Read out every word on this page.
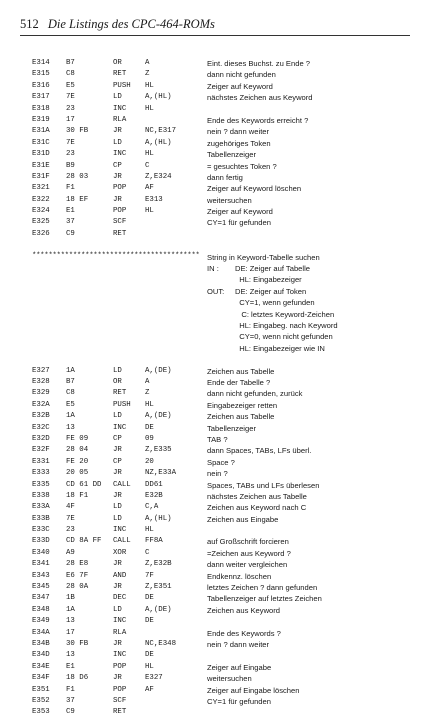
512 Die Listings des CPC-464-ROMs
E314 B7	OR	A	Eint. dieses Buchst. zu Ende ?
E315 C8	RET	Z	dann nicht gefunden
E316 E5	PUSH HL	Zeiger auf Keyword
E317 7E	LD	A,(HL)	nächstes Zeichen aus Keyword
E318 23	INC	HL
E319 17	RLA	Ende des Keywords erreicht ?
E31A 30 FB	JR	NC,E317	nein ? dann weiter
E31C 7E	LD	A,(HL)	zugehöriges Token
E31D 23	INC	HL	Tabellenzeiger
E31E B9	CP	C	= gesuchtes Token ?
E31F 28 03	JR	Z,E324	dann fertig
E321 F1	POP	AF	Zeiger auf Keyword löschen
E322 18 EF	JR	E313	weitersuchen
E324 E1	POP	HL	Zeiger auf Keyword
E325 37	SCF	CY=1 für gefunden
E326 C9	RET
***************************************** String in Keyword-Tabelle suchen
IN : DE: Zeiger auf Tabelle
HL: Eingabezeiger
OUT: DE: Zeiger auf Token
CY=1, wenn gefunden
C: letztes Keyword-Zeichen
HL: Eingabeg. nach Keyword
CY=0, wenn nicht gefunden
HL: Eingabezeiger wie IN
E327 1A	LD	A,(DE)	Zeichen aus Tabelle
E328 B7	OR	A	Ende der Tabelle ?
E329 C8	RET	Z	dann nicht gefunden, zurück
E32A E5	PUSH HL	Eingabezeiger retten
E32B 1A	LD	A,(DE)	Zeichen aus Tabelle
E32C 13	INC	DE	Tabellenzeiger
E32D FE 09	CP	09	TAB ?
E32F 28 04	JR	Z,E335	dann Spaces, TABs, LFs überl.
E331 FE 20	CP	20	Space ?
E333 20 05	JR	NZ,E33A	nein ?
E335 CD 61 DD CALL DD61	Spaces, TABs und LFs überlesen
E338 18 F1	JR	E32B	nächstes Zeichen aus Tabelle
E33A 4F	LD	C,A	Zeichen aus Keyword nach C
E33B 7E	LD	A,(HL)	Zeichen aus Eingabe
E33C 23	INC	HL
E33D CD 8A FF CALL FF8A	auf Großschrift forcieren
E340 A9	XOR	C	=Zeichen aus Keyword ?
E341 28 E8	JR	Z,E32B	dann weiter vergleichen
E343 E6 7F	AND	7F	Endkennz. löschen
E345 28 0A	JR	Z,E351	letztes Zeichen ? dann gefunden
E347 1B	DEC	DE	Tabellenzeiger auf letztes Zeichen
E348 1A	LD	A,(DE)	Zeichen aus Keyword
E349 13	INC	DE
E34A 17	RLA	Ende des Keywords ?
E34B 30 FB	JR	NC,E348	nein ? dann weiter
E34D 13	INC	DE
E34E E1	POP	HL	Zeiger auf Eingabe
E34F 18 D6	JR	E327	weitersuchen
E351 F1	POP	AF	Zeiger auf Eingabe löschen
E352 37	SCF	CY=1 für gefunden
E353 C9	RET
